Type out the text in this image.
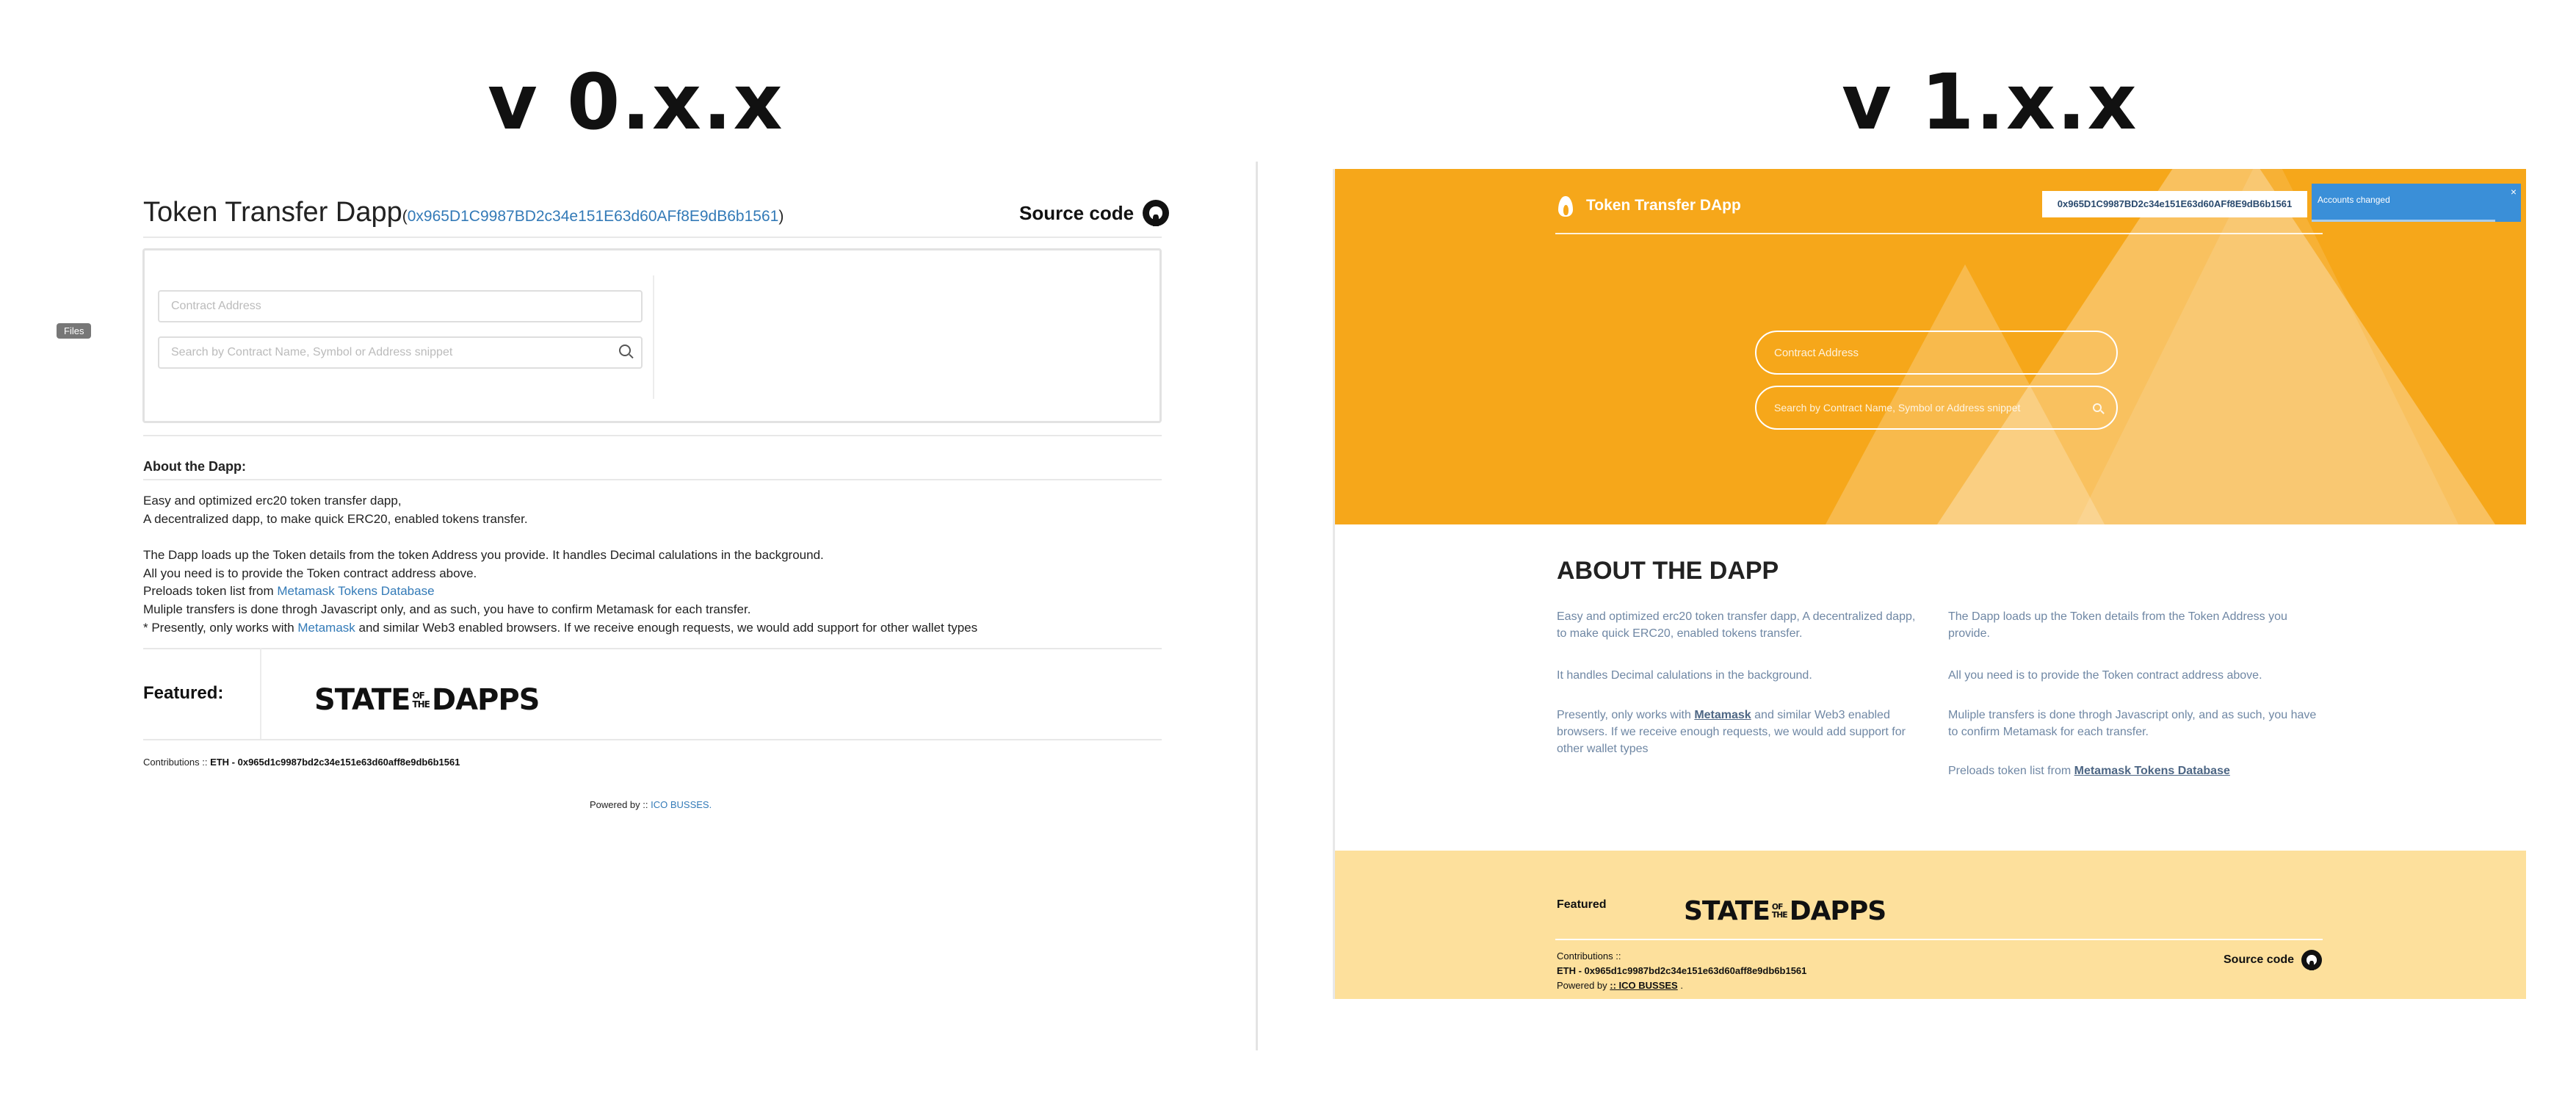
v 0.x.x	v 1.x.x
Token Transfer Dapp(0x965D1C9987BD2c34e151E63d60AFf8E9dB6b1561)	Source code
Files
Contract Address
Search by Contract Name, Symbol or Address snippet
About the Dapp:
Easy and optimized erc20 token transfer dapp,
A decentralized dapp, to make quick ERC20, enabled tokens transfer.
The Dapp loads up the Token details from the token Address you provide. It handles Decimal calulations in the background.
All you need is to provide the Token contract address above.
Preloads token list from Metamask Tokens Database
Muliple transfers is done throgh Javascript only, and as such, you have to confirm Metamask for each transfer.
* Presently, only works with Metamask and similar Web3 enabled browsers. If we receive enough requests, we would add support for other wallet types
Featured:	STATE OF
THE DAPPS
Contributions :: ETH - 0x965d1c9987bd2c34e151e63d60aff8e9db6b1561
Powered by :: ICO BUSSES.
Token Transfer DApp	0x965D1C9987BD2c34e151E63d60AFf8E9dB6b1561	Accounts changed
×
Contract Address
Search by Contract Name, Symbol or Address snippet
ABOUT THE DAPP
Easy and optimized erc20 token transfer dapp, A decentralized dapp, to make quick ERC20, enabled tokens transfer.
It handles Decimal calulations in the background.
Presently, only works with Metamask and similar Web3 enabled browsers. If we receive enough requests, we would add support for other wallet types
The Dapp loads up the Token details from the Token Address you provide.
All you need is to provide the Token contract address above.
Muliple transfers is done throgh Javascript only, and as such, you have to confirm Metamask for each transfer.
Preloads token list from Metamask Tokens Database
Featured	STATE OF
THE DAPPS
Contributions ::
ETH - 0x965d1c9987bd2c34e151e63d60aff8e9db6b1561
Powered by :: ICO BUSSES .
Source code
